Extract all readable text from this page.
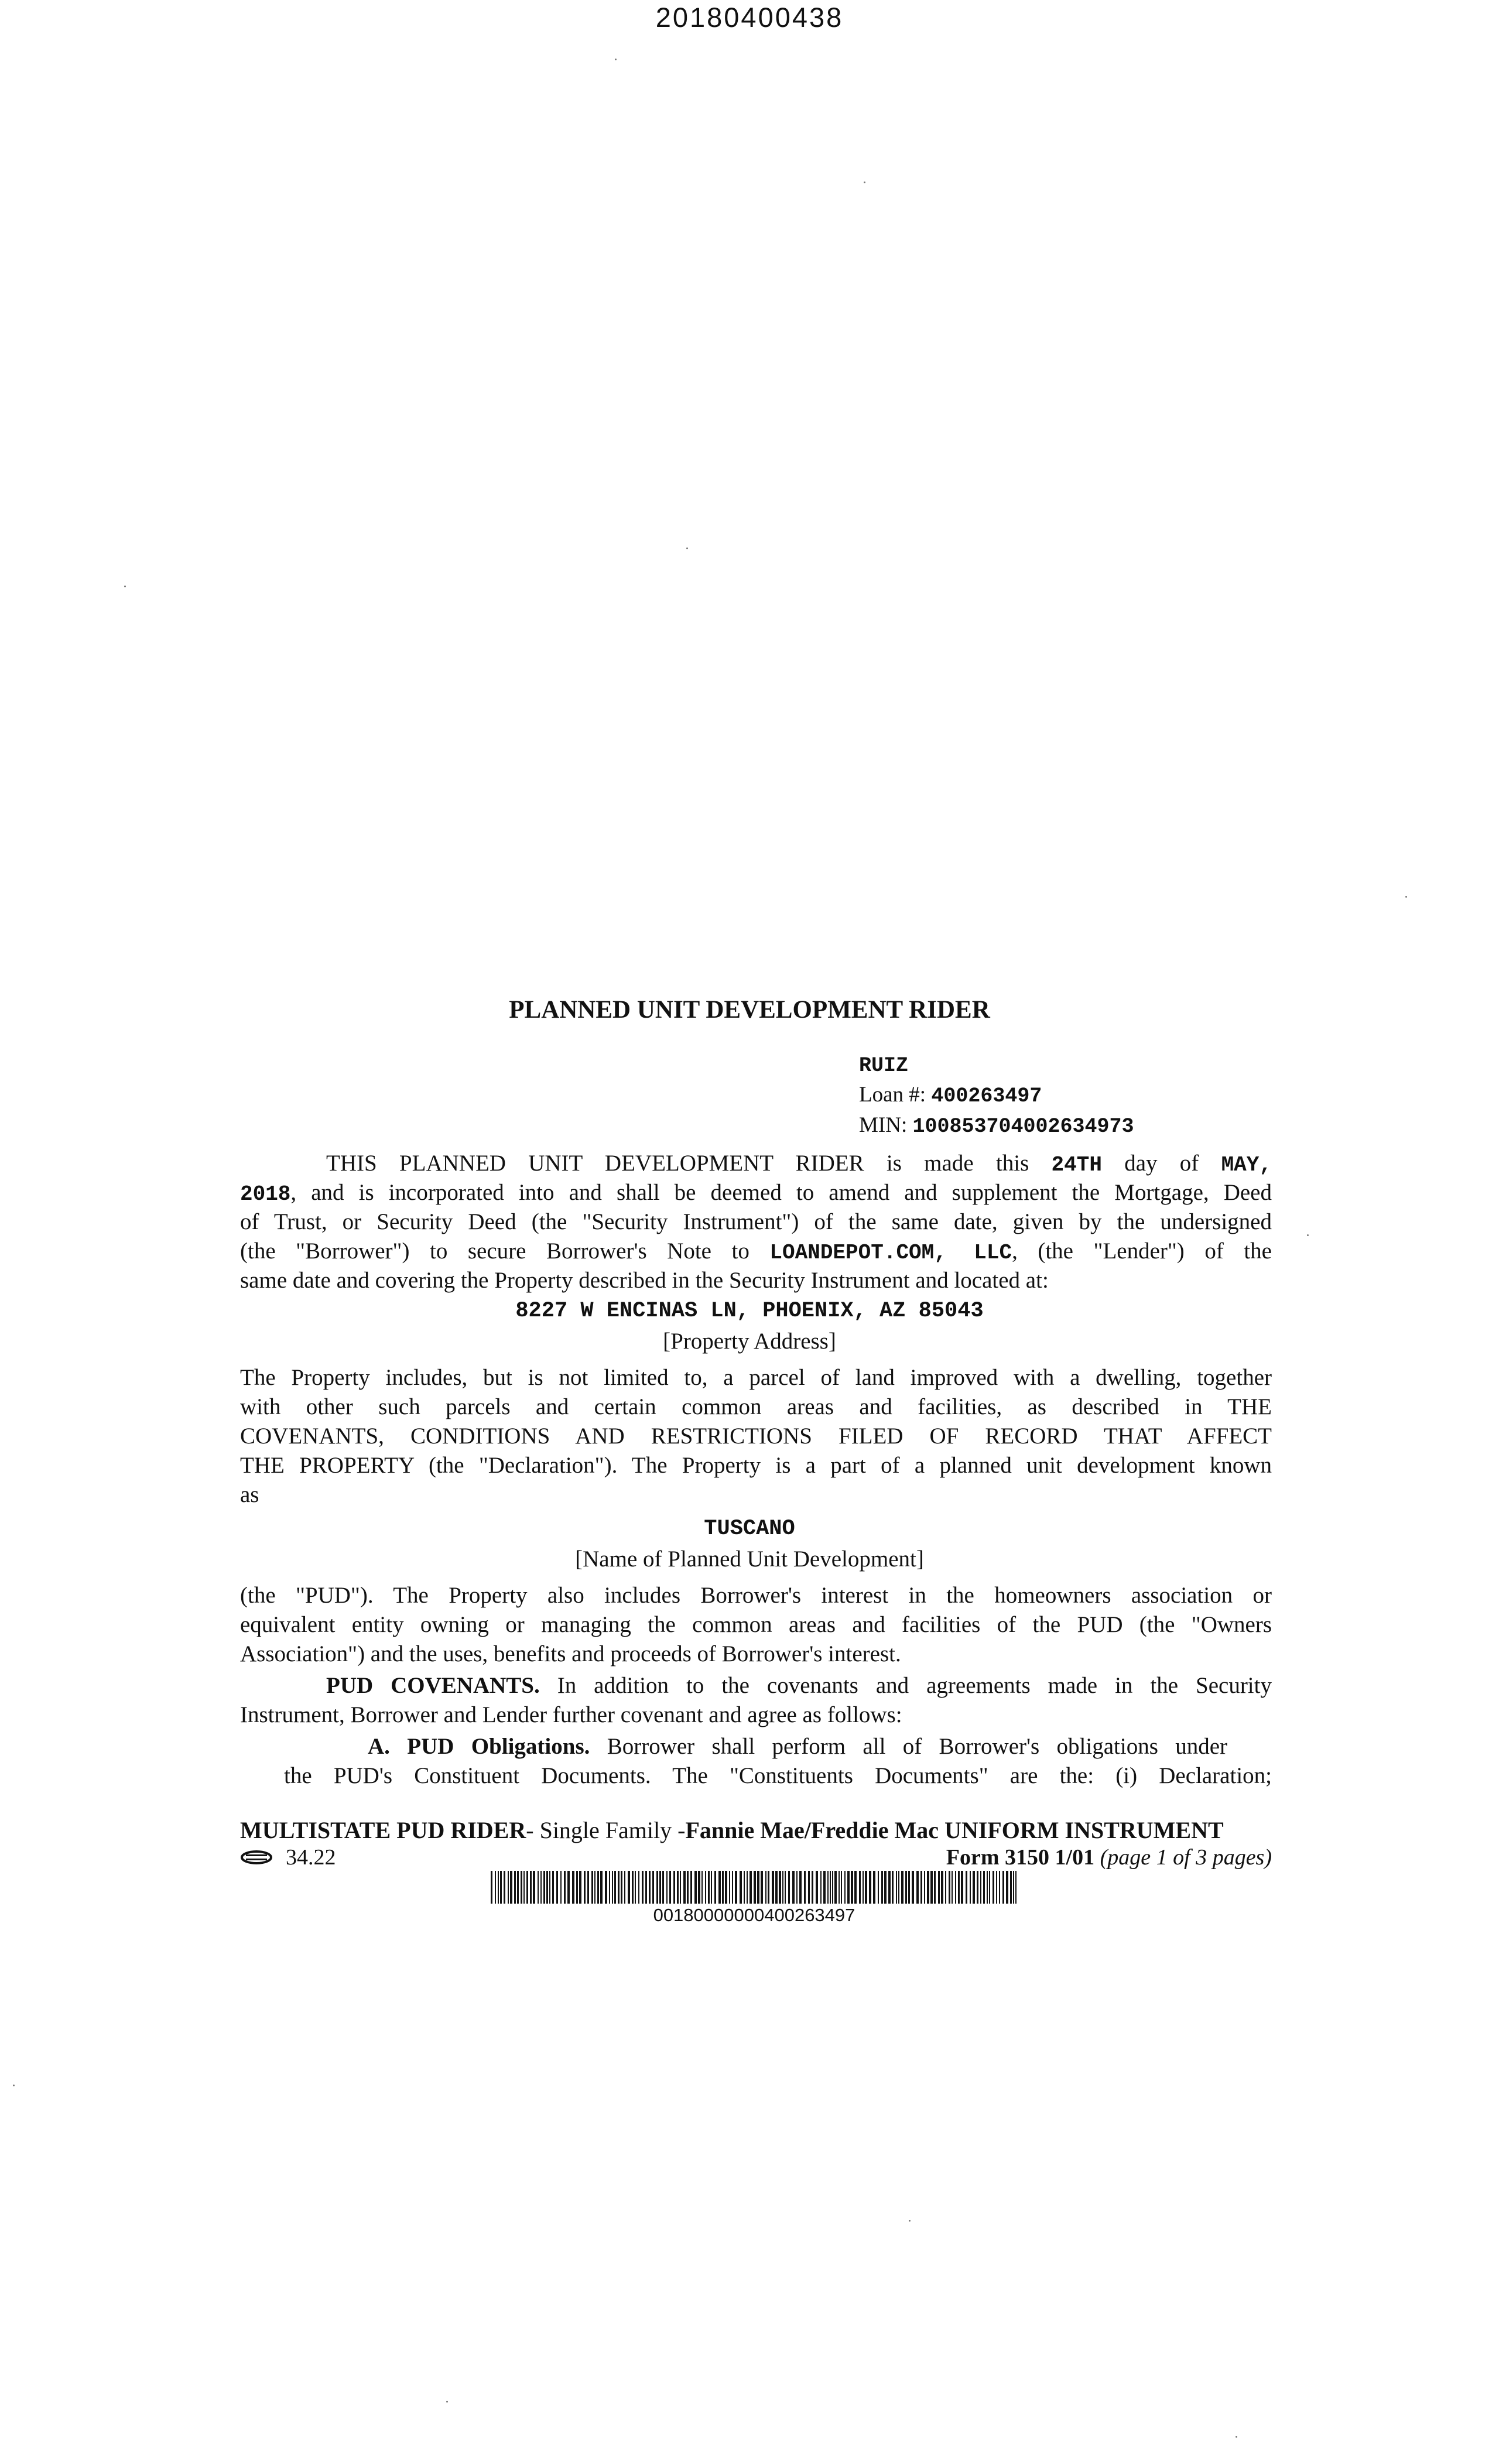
20180400438
PLANNED UNIT DEVELOPMENT RIDER
RUIZ
Loan #: 400263497
MIN: 100853704002634973
THIS PLANNED UNIT DEVELOPMENT RIDER is made this 24TH day of MAY,
2018, and is incorporated into and shall be deemed to amend and supplement the Mortgage, Deed
of Trust, or Security Deed (the "Security Instrument") of the same date, given by the undersigned
(the "Borrower") to secure Borrower's Note to LOANDEPOT.COM, LLC, (the "Lender") of the
same date and covering the Property described in the Security Instrument and located at:
8227 W ENCINAS LN, PHOENIX, AZ 85043
[Property Address]
The Property includes, but is not limited to, a parcel of land improved with a dwelling, together
with other such parcels and certain common areas and facilities, as described in THE
COVENANTS, CONDITIONS AND RESTRICTIONS FILED OF RECORD THAT AFFECT
THE PROPERTY (the "Declaration"). The Property is a part of a planned unit development known
as
TUSCANO
[Name of Planned Unit Development]
(the "PUD"). The Property also includes Borrower's interest in the homeowners association or
equivalent entity owning or managing the common areas and facilities of the PUD (the "Owners
Association") and the uses, benefits and proceeds of Borrower's interest.
PUD COVENANTS. In addition to the covenants and agreements made in the Security
Instrument, Borrower and Lender further covenant and agree as follows:
A. PUD Obligations. Borrower shall perform all of Borrower's obligations under
the PUD's Constituent Documents. The "Constituents Documents" are the: (i) Declaration;
MULTISTATE PUD RIDER- Single Family -Fannie Mae/Freddie Mac UNIFORM INSTRUMENT
34.22	Form 3150 1/01 (page 1 of 3 pages)
00180000000400263497
